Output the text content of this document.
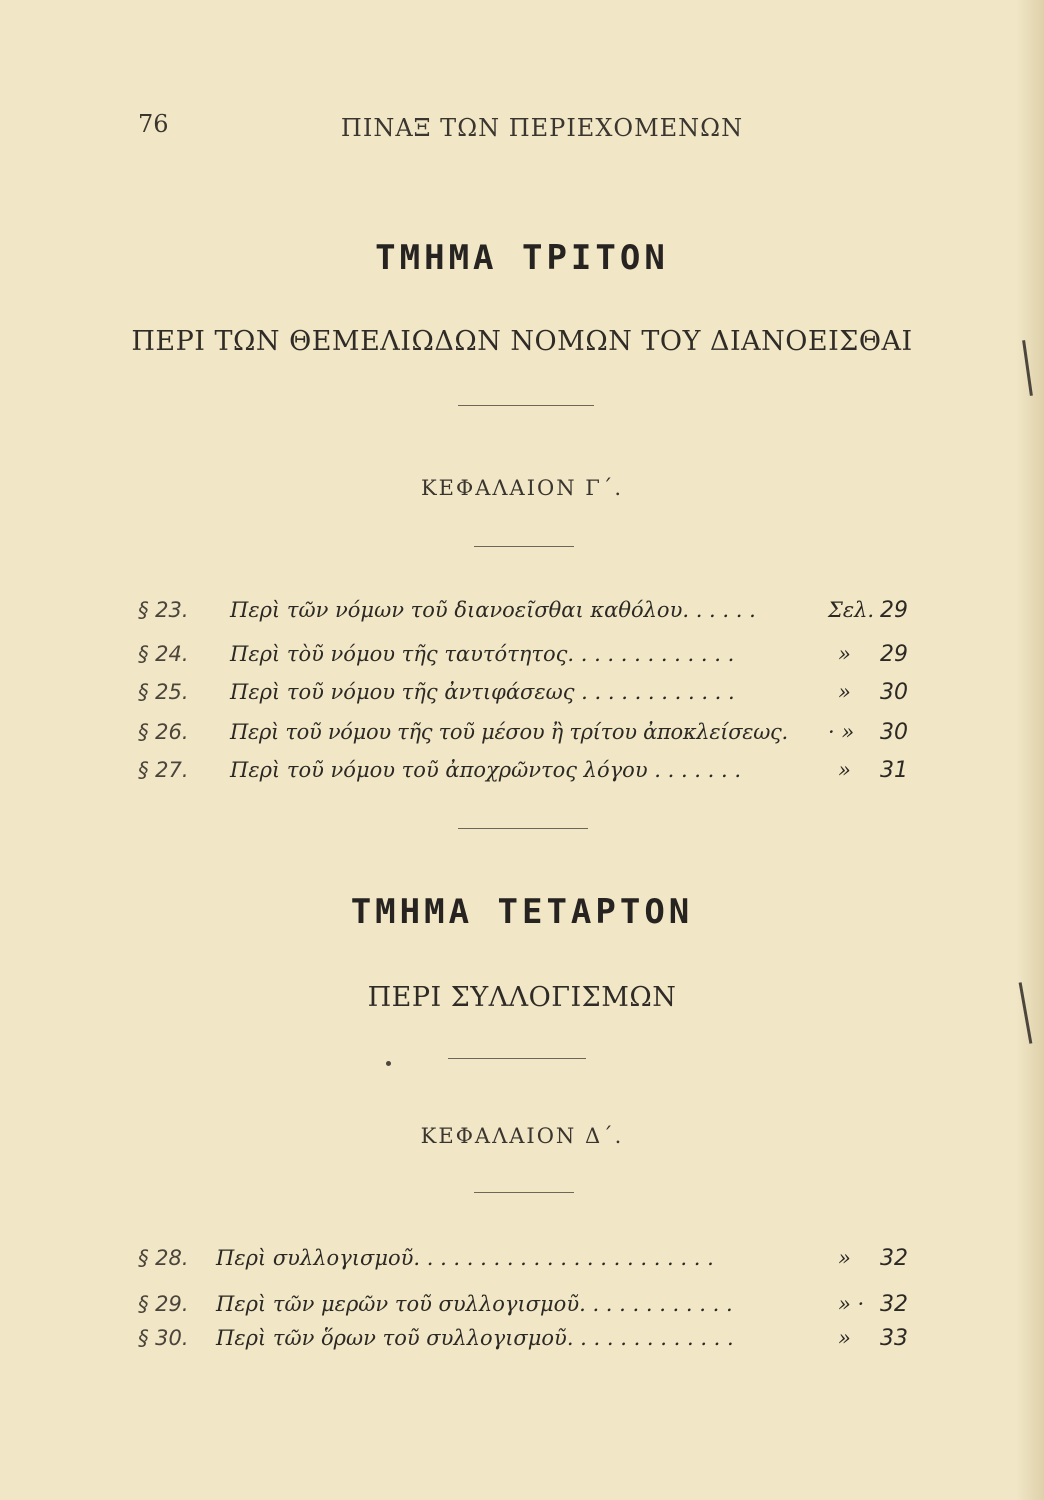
76	ΠΙΝΑΞ ΤΩΝ ΠΕΡΙΕΧΟΜΕΝΩΝ
ΤΜΗΜΑ ΤΡΙΤΟΝ
ΠΕΡΙ ΤΩΝ ΘΕΜΕΛΙΩΔΩΝ ΝΟΜΩΝ ΤΟΥ ΔΙΑΝΟΕΙΣΘΑΙ
ΚΕΦΑΛΑΙΟΝ Γ΄.
§ 23. Περὶ τῶν νόμων τοῦ διανοεῖσθαι καθόλου. . . . . .	Σελ. 29
§ 24. Περὶ τòῦ νόμου τῆς ταυτότητος. . . . . . . . . . . . .	» 29
§ 25. Περὶ τοῦ νόμου τῆς ἀντιφάσεως . . . . . . . . . . . .	» 30
§ 26. Περὶ τοῦ νόμου τῆς τοῦ μέσου ἢ τρίτου ἀποκλείσεως. · » 30
§ 27. Περὶ τοῦ νόμου τοῦ ἀποχρῶντος λόγου . . . . . . .	» 31
ΤΜΗΜΑ ΤΕΤΑΡΤΟΝ
ΠΕΡΙ ΣΥΛΛΟΓΙΣΜΩΝ
ΚΕΦΑΛΑΙΟΝ Δ΄.
§ 28. Περὶ συλλογισμοῦ. . . . . . . . . . . . . . . . . . . . . . .	» 32
§ 29. Περὶ τῶν μερῶν τοῦ συλλογισμοῦ. . . . . . . . . . . .	» · 32
§ 30. Περὶ τῶν ὅρων τοῦ συλλογισμοῦ. . . . . . . . . . . . .	» 33
